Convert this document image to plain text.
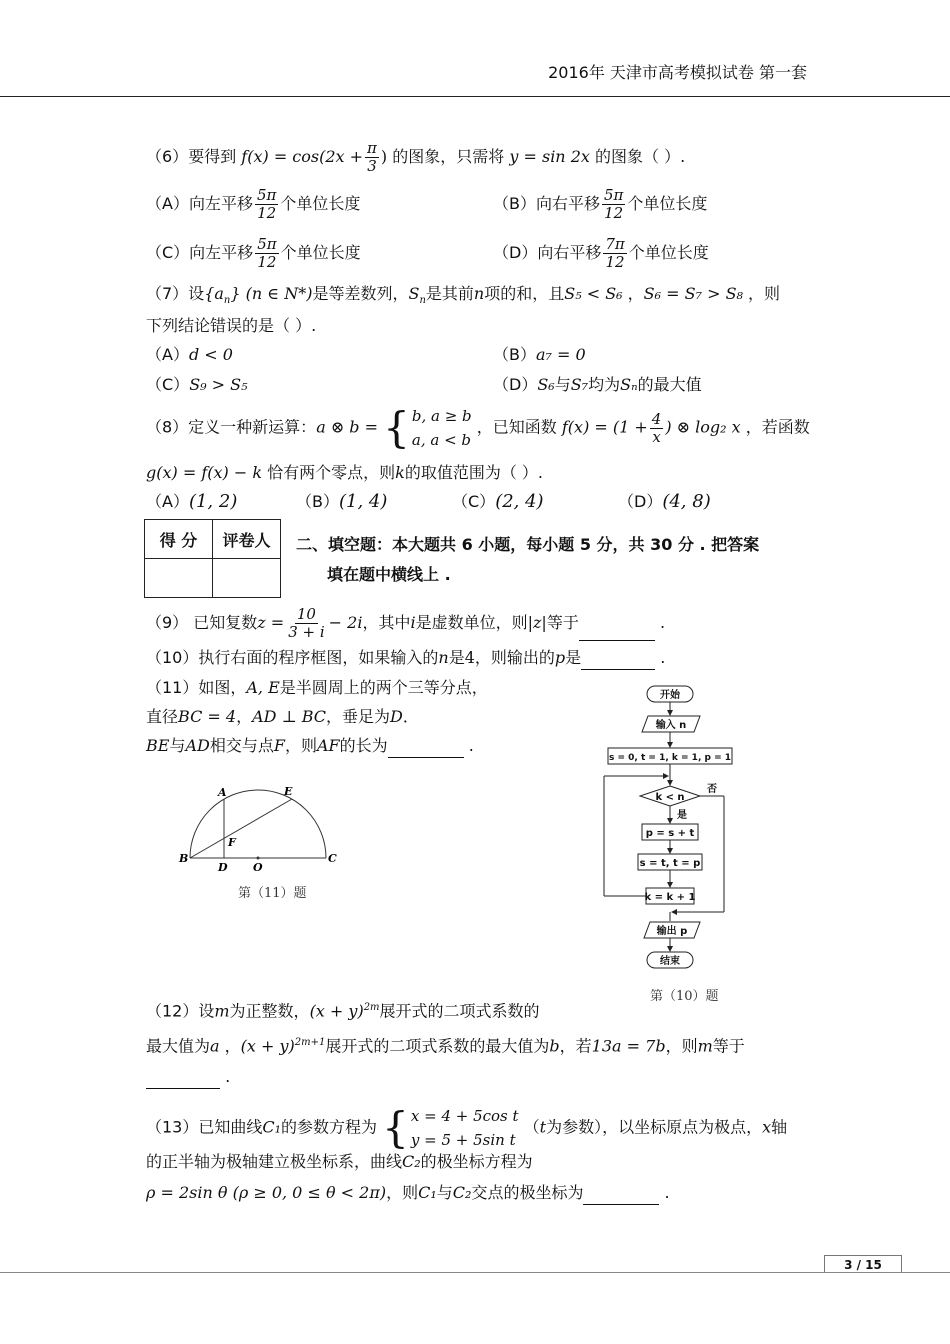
2016年 天津市高考模拟试卷 第一套
（6）要得到 $f(x) = \cos(2x + \frac{\pi}{3}$ ) 的图象，只需将 y = sin 2x 的图象（ ）.
（A）向左平移 $\frac{5\pi}{12}$ 个单位长度	（B）向右平移 $\frac{5\pi}{12}$ 个单位长度
（C）向左平移 $\frac{5\pi}{12}$ 个单位长度	（D）向右平移 $\frac{7\pi}{12}$ 个单位长度
（7）设$\{a_n\}$ (n ∈ N*)是等差数列，$S_n$是其前n项的和，且S₅ < S₆ ，S₆ = S₇ > S₈ ，则
下列结论错误的是（ ）.
（A）d < 0	（B）a₇ = 0
（C）S₉ > S₅	（D）S₆与S₇均为Sₙ的最大值
（8）定义一种新运算：a ⊗ b = { b, a ≥ b
a, a < b
，已知函数 $f(x) = (1 + \frac{4}{x}$ ) ⊗ log₂ x ，若函数
g(x) = f(x) − k 恰有两个零点，则k的取值范围为（ ）.
（A）(1, 2)	（B）(1, 4)	（C）(2, 4)	（D）(4, 8)
得 分	评卷人
	二、填空题：本大题共 6 小题，每小题 5 分，共 30 分 . 把答案
填在题中横线上 .
（9） 已知复数$z = \frac{10}{3 + i} - 2i$，其中i是虚数单位，则|z|等于	.
（10）执行右面的程序框图，如果输入的n是4，则输出的p是	.
（11）如图，A, E是半圆周上的两个三等分点，
直径BC = 4，AD ⊥ BC，垂足为D．
BE与AD相交与点F，则AF的长为	.
A	E
F
B
D O
C
第（11）题
开始
输入 n
s = 0, t = 1, k = 1, p = 1
k < n
否
是
p = s + t
s = t, t = p
k = k + 1
输出 p
结束
第（10）题
（12）设m为正整数，$(x + y)^{2m}$展开式的二项式系数的
最大值为a ，$(x + y)^{2m+1}$展开式的二项式系数的最大值为b，若13a = 7b，则m等于
.
（13）已知曲线C₁的参数方程为 { x = 4 + 5cos t
y = 5 + 5sin t
（t为参数），以坐标原点为极点，x轴
的正半轴为极轴建立极坐标系，曲线C₂的极坐标方程为
ρ = 2sin θ (ρ ≥ 0, 0 ≤ θ < 2π)，则C₁与C₂交点的极坐标为	.
3 / 15
